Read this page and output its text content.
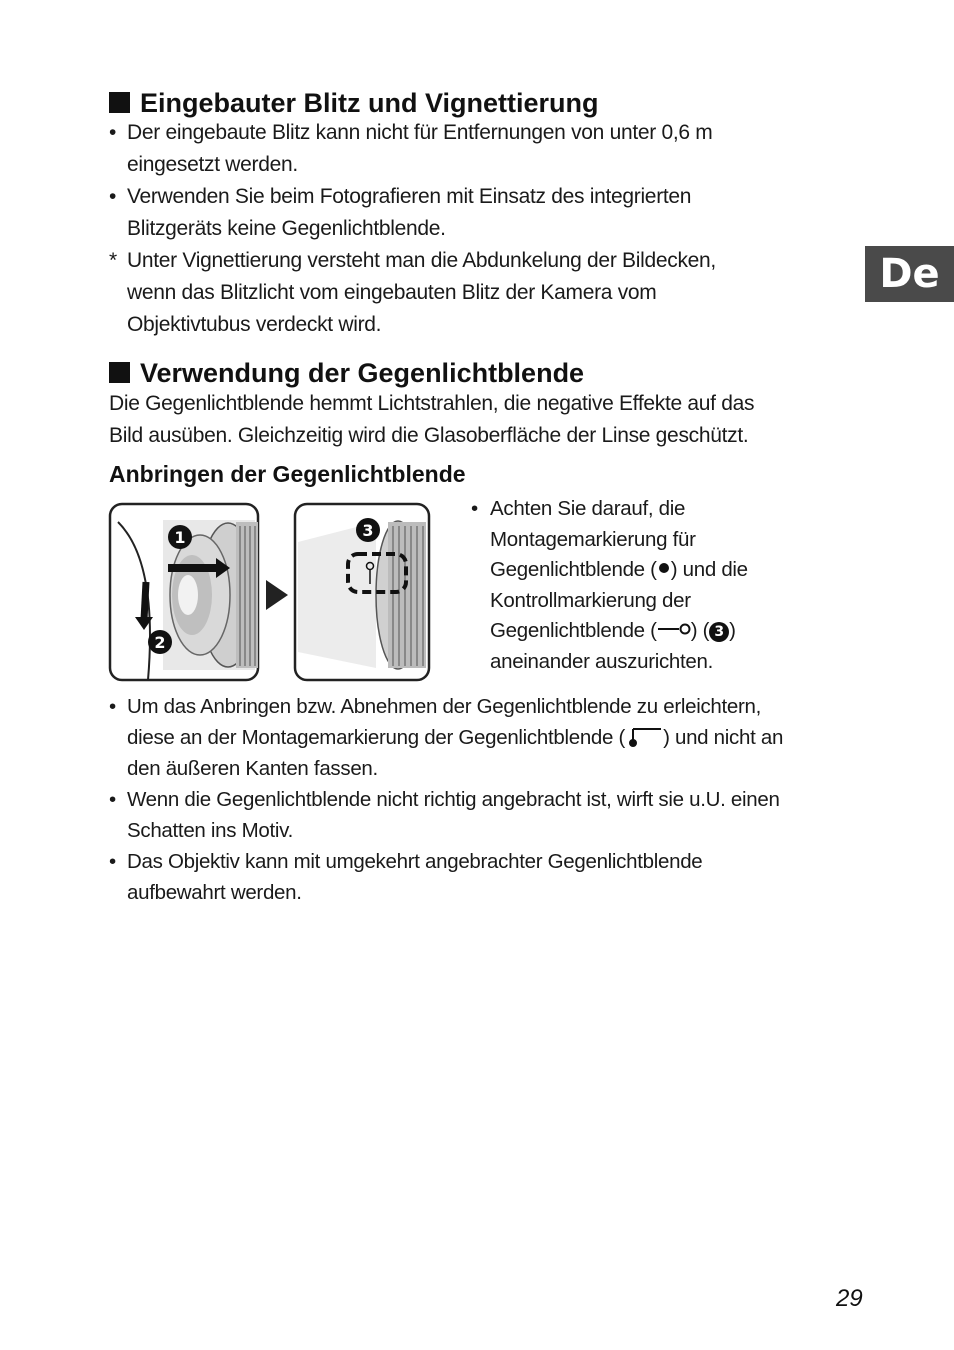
De
Eingebauter Blitz und Vignettierung
• Der eingebaute Blitz kann nicht für Entfernungen von unter 0,6 m
eingesetzt werden.
• Verwenden Sie beim Fotografieren mit Einsatz des integrierten
Blitzgeräts keine Gegenlichtblende.
* Unter Vignettierung versteht man die Abdunkelung der Bildecken,
wenn das Blitzlicht vom eingebauten Blitz der Kamera vom
Objektivtubus verdeckt wird.
Verwendung der Gegenlichtblende
Die Gegenlichtblende hemmt Lichtstrahlen, die negative Effekte auf das
Bild ausüben. Gleichzeitig wird die Glasoberfläche der Linse geschützt.
Anbringen der Gegenlichtblende
1
2
3
• Achten Sie darauf, die
Montagemarkierung für
Gegenlichtblende ( ) und die
Kontrollmarkierung der
Gegenlichtblende ( ) ( 3 )
aneinander auszurichten.
• Um das Anbringen bzw. Abnehmen der Gegenlichtblende zu erleichtern,
diese an der Montagemarkierung der Gegenlichtblende ( ) und nicht an
den äußeren Kanten fassen.
• Wenn die Gegenlichtblende nicht richtig angebracht ist, wirft sie u.U. einen
Schatten ins Motiv.
• Das Objektiv kann mit umgekehrt angebrachter Gegenlichtblende
aufbewahrt werden.
29
